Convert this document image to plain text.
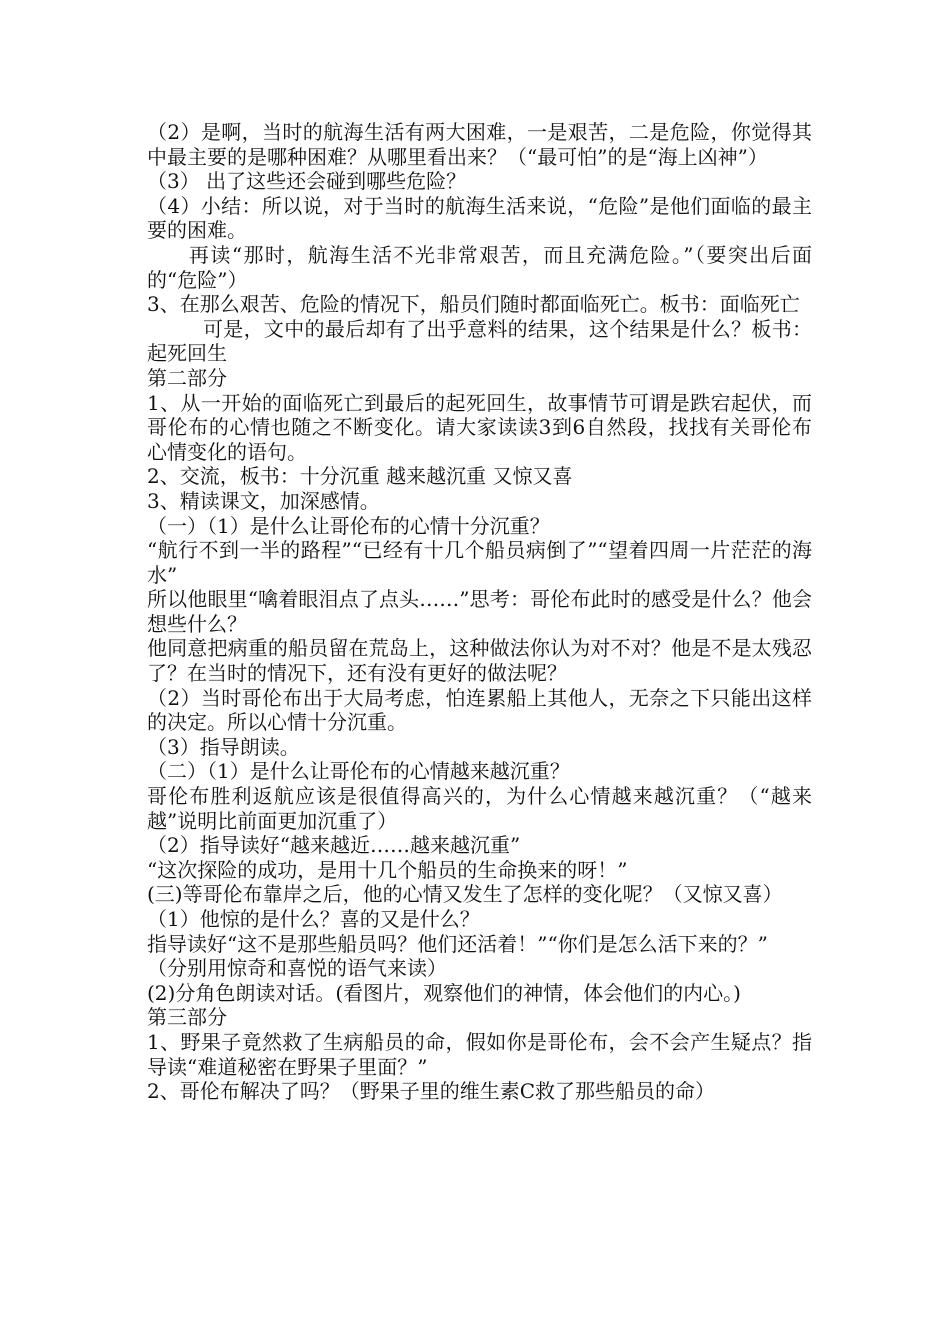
（2）是啊，当时的航海生活有两大困难，一是艰苦，二是危险，你觉得其中最主要的是哪种困难？从哪里看出来？（“最可怕”的是“海上凶神”）

（3） 出了这些还会碰到哪些危险？

（4）小结：所以说，对于当时的航海生活来说，“危险”是他们面临的最主要的困难。

再读“那时，航海生活不光非常艰苦，而且充满危险。”（要突出后面的“危险”）

3、在那么艰苦、危险的情况下，船员们随时都面临死亡。板书：面临死亡

可是，文中的最后却有了出乎意料的结果，这个结果是什么？板书：起死回生

第二部分

1、从一开始的面临死亡到最后的起死回生，故事情节可谓是跌宕起伏，而哥伦布的心情也随之不断变化。请大家读读3到6自然段，找找有关哥伦布心情变化的语句。

2、交流，板书：十分沉重 越来越沉重 又惊又喜

3、精读课文，加深感情。

（一）（1）是什么让哥伦布的心情十分沉重？

“航行不到一半的路程”“已经有十几个船员病倒了”“望着四周一片茫茫的海水”

所以他眼里“噙着眼泪点了点头……”思考：哥伦布此时的感受是什么？他会想些什么？

他同意把病重的船员留在荒岛上，这种做法你认为对不对？他是不是太残忍了？在当时的情况下，还有没有更好的做法呢？

（2）当时哥伦布出于大局考虑，怕连累船上其他人，无奈之下只能出这样的决定。所以心情十分沉重。

（3）指导朗读。

（二）（1）是什么让哥伦布的心情越来越沉重？

哥伦布胜利返航应该是很值得高兴的，为什么心情越来越沉重？（“越来越”说明比前面更加沉重了）

（2）指导读好“越来越近……越来越沉重”

“这次探险的成功，是用十几个船员的生命换来的呀！”

(三)等哥伦布靠岸之后，他的心情又发生了怎样的变化呢？（又惊又喜）

（1）他惊的是什么？喜的又是什么？

指导读好“这不是那些船员吗？他们还活着！”“你们是怎么活下来的？”

（分别用惊奇和喜悦的语气来读）

(2)分角色朗读对话。(看图片，观察他们的神情，体会他们的内心。)

第三部分

1、野果子竟然救了生病船员的命，假如你是哥伦布，会不会产生疑点？指导读“难道秘密在野果子里面？”

2、哥伦布解决了吗？（野果子里的维生素C救了那些船员的命）
